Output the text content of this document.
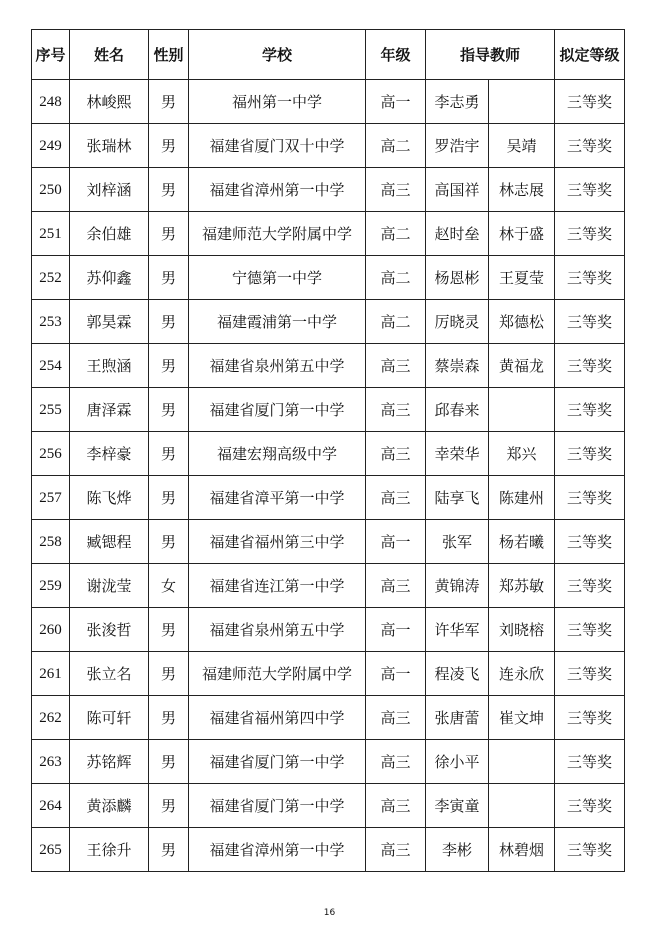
序号	姓名	性别	学校	年级	指导教师		拟定等级
248	林峻熙	男	福州第一中学	高一	李志勇		三等奖
249	张瑞林	男	福建省厦门双十中学	高二	罗浩宇	吴靖	三等奖
250	刘梓涵	男	福建省漳州第一中学	高三	高国祥	林志展	三等奖
251	余伯雄	男	福建师范大学附属中学	高二	赵时垒	林于盛	三等奖
252	苏仰鑫	男	宁德第一中学	高二	杨恩彬	王夏莹	三等奖
253	郭昊霖	男	福建霞浦第一中学	高二	厉晓灵	郑德松	三等奖
254	王煦涵	男	福建省泉州第五中学	高三	蔡崇森	黄福龙	三等奖
255	唐泽霖	男	福建省厦门第一中学	高三	邱春来		三等奖
256	李梓豪	男	福建宏翔高级中学	高三	幸荣华	郑兴	三等奖
257	陈飞烨	男	福建省漳平第一中学	高三	陆享飞	陈建州	三等奖
258	臧锶程	男	福建省福州第三中学	高一	张军	杨若曦	三等奖
259	谢泷莹	女	福建省连江第一中学	高三	黄锦涛	郑苏敏	三等奖
260	张浚哲	男	福建省泉州第五中学	高一	许华军	刘晓榕	三等奖
261	张立名	男	福建师范大学附属中学	高一	程凌飞	连永欣	三等奖
262	陈可轩	男	福建省福州第四中学	高三	张唐蕾	崔文坤	三等奖
263	苏铭辉	男	福建省厦门第一中学	高三	徐小平		三等奖
264	黄添麟	男	福建省厦门第一中学	高三	李寅童		三等奖
265	王徐升	男	福建省漳州第一中学	高三	李彬	林碧烟	三等奖
16
